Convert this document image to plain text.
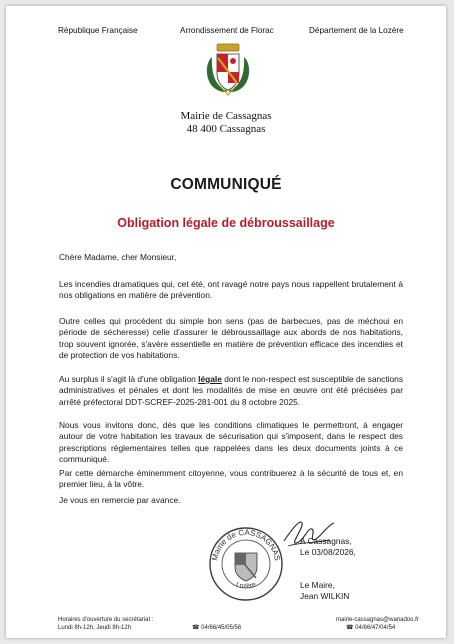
République Française	Arrondissement de Florac	Département de la Lozère
Mairie de Cassagnas
48 400 Cassagnas
COMMUNIQUÉ
Obligation légale de débroussaillage
Chère Madame, cher Monsieur,
Les incendies dramatiques qui, cet été, ont ravagé notre pays nous rappellent brutalement à nos obligations en matière de prévention.
Outre celles qui procèdent du simple bon sens (pas de barbecues, pas de méchoui en période de sécheresse) celle d'assurer le débroussaillage aux abords de nos habitations, trop souvent ignorée, s'avère essentielle en matière de prévention efficace des incendies et de protection de vos habitations.
Au surplus il s'agit là d'une obligation légale dont le non-respect est susceptible de sanctions administratives et pénales et dont les modalités de mise en œuvre ont été précisées par arrêté préfectoral DDT-SCREF-2025-281-001 du 8 octobre 2025.
Nous vous invitons donc, dès que les conditions climatiques le permettront, à engager autour de votre habitation les travaux de sécurisation qui s'imposent, dans le respect des prescriptions réglementaires telles que rappelées dans les deux documents joints à ce communiqué.
Par cette démarche éminemment citoyenne, vous contribuerez à la sécurité de tous et, en premier lieu, à la vôtre.
Je vous en remercie par avance.
Mairie de CASSAGNAS
Lozère
A Cassagnas,
Le 03/08/2026,
Le Maire,
Jean WILKIN
Horaires d'ouverture du secrétariat :
Lundi 8h-12h, Jeudi 8h-12h	☎ 04/66/45/05/56
mairie-cassagnas@wanadoo.fr
☎ 04/66/47/04/54
